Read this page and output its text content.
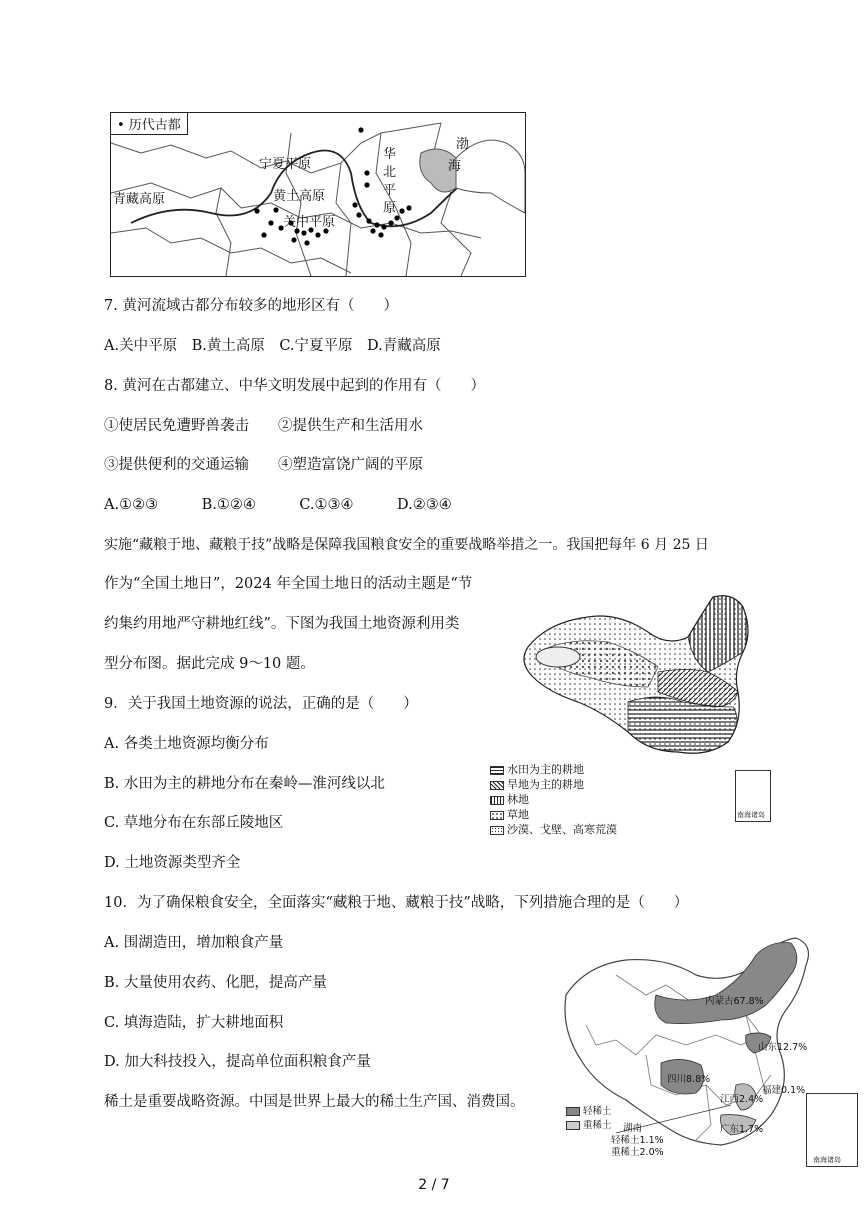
• 历代古都
宁夏平原
青藏高原	黄土高原
关中平原
华
北
平
原
渤
海
7. 黄河流域古都分布较多的地形区有（　　）
A.关中平原　B.黄土高原　C.宁夏平原　D.青藏高原
8. 黄河在古都建立、中华文明发展中起到的作用有（　　）
①使居民免遭野兽袭击　　②提供生产和生活用水
③提供便利的交通运输　　④塑造富饶广阔的平原
A.①②③　　　B.①②④　　　C.①③④　　　D.②③④
实施“藏粮于地、藏粮于技”战略是保障我国粮食安全的重要战略举措之一。我国把每年 6 月 25 日
作为“全国土地日”，2024 年全国土地日的活动主题是“节
约集约用地严守耕地红线”。下图为我国土地资源利用类
型分布图。据此完成 9～10 题。
南海诸岛
水田为主的耕地
旱地为主的耕地
林地
草地
沙漠、戈壁、高寒荒漠
9．关于我国土地资源的说法，正确的是（　　）
A. 各类土地资源均衡分布
B. 水田为主的耕地分布在秦岭—淮河线以北
C. 草地分布在东部丘陵地区
D. 土地资源类型齐全
10．为了确保粮食安全，全面落实“藏粮于地、藏粮于技”战略，下列措施合理的是（　　）
A. 围湖造田，增加粮食产量
B. 大量使用农药、化肥，提高产量
C. 填海造陆，扩大耕地面积
D. 加大科技投入，提高单位面积粮食产量
稀土是重要战略资源。中国是世界上最大的稀土生产国、消费国。
内蒙古67.8%
山东12.7%
四川8.8%
江西2.4%
福建0.1%
广东1.7%
湖南
轻稀土1.1%
重稀土2.0%
轻稀土
重稀土
南海诸岛
2 / 7
